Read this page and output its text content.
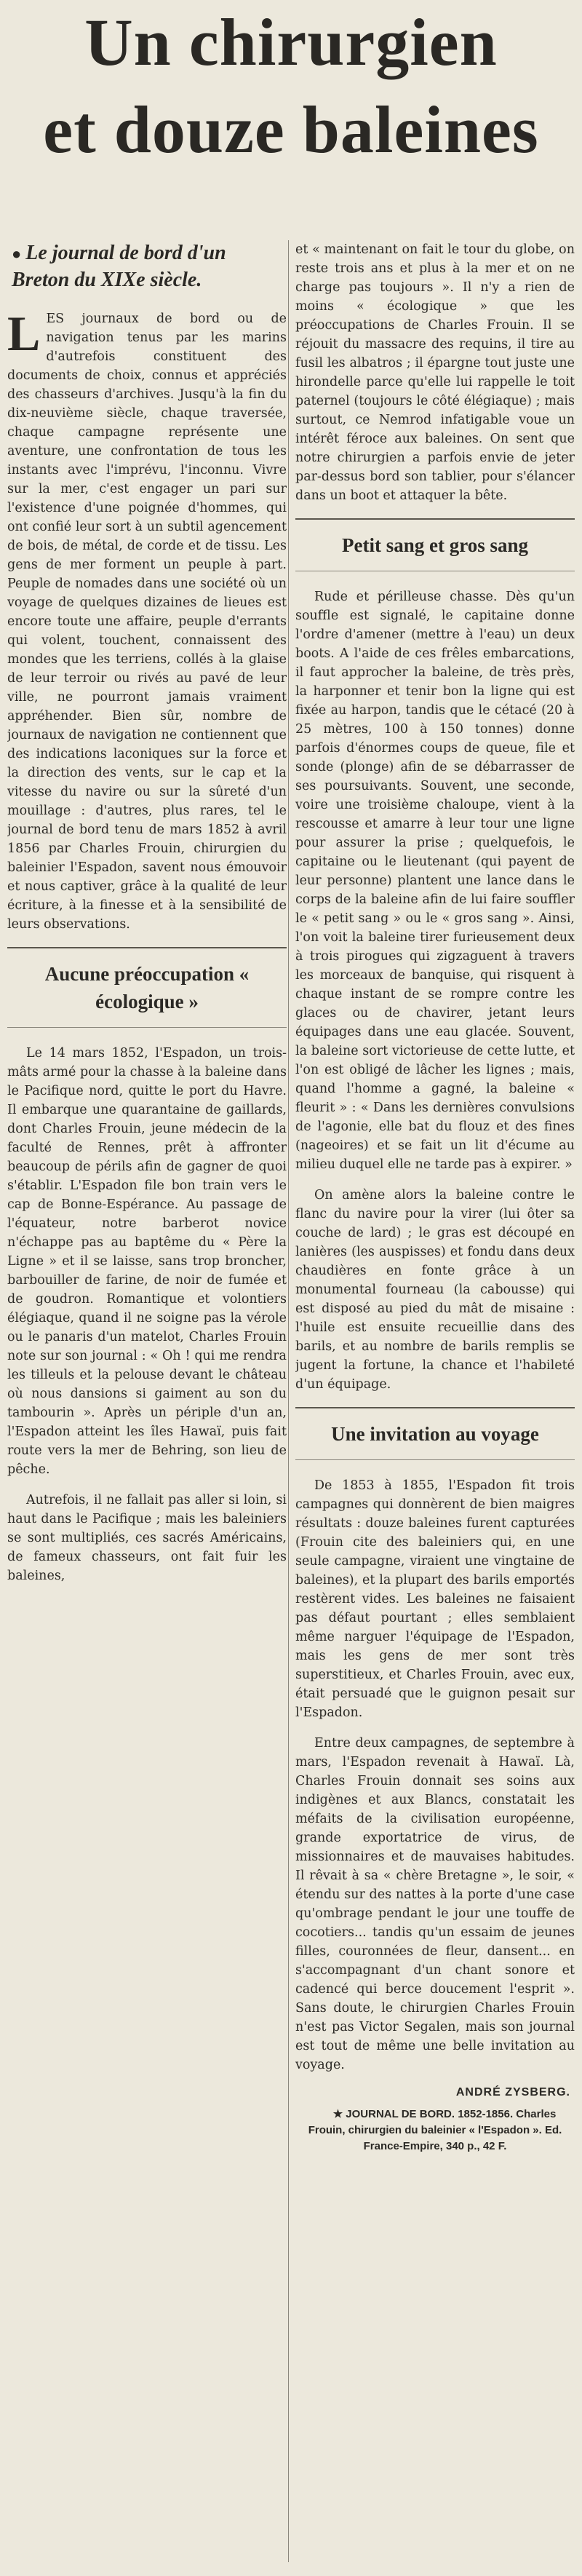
Un chirurgien
et douze baleines
● Le journal de bord d'un Breton du XIXe siècle.

LES journaux de bord ou de navigation tenus par les marins d'autrefois constituent des documents de choix, connus et appréciés des chasseurs d'archives. Jusqu'à la fin du dix-neuvième siècle, chaque traversée, chaque campagne représente une aventure, une confrontation de tous les instants avec l'imprévu, l'inconnu. Vivre sur la mer, c'est engager un pari sur l'existence d'une poignée d'hommes, qui ont confié leur sort à un subtil agencement de bois, de métal, de corde et de tissu. Les gens de mer forment un peuple à part. Peuple de nomades dans une société où un voyage de quelques dizaines de lieues est encore toute une affaire, peuple d'errants qui volent, touchent, connaissent des mondes que les terriens, collés à la glaise de leur terroir ou rivés au pavé de leur ville, ne pourront jamais vraiment appréhender. Bien sûr, nombre de journaux de navigation ne contiennent que des indications laconiques sur la force et la direction des vents, sur le cap et la vitesse du navire ou sur la sûreté d'un mouillage : d'autres, plus rares, tel le journal de bord tenu de mars 1852 à avril 1856 par Charles Frouin, chirurgien du baleinier l'Espadon, savent nous émouvoir et nous captiver, grâce à la qualité de leur écriture, à la finesse et à la sensibilité de leurs observations.

Aucune préoccupation « écologique »

Le 14 mars 1852, l'Espadon, un trois-mâts armé pour la chasse à la baleine dans le Pacifique nord, quitte le port du Havre. Il embarque une quarantaine de gaillards, dont Charles Frouin, jeune médecin de la faculté de Rennes, prêt à affronter beaucoup de périls afin de gagner de quoi s'établir. L'Espadon file bon train vers le cap de Bonne-Espérance. Au passage de l'équateur, notre barberot novice n'échappe pas au baptême du « Père la Ligne » et il se laisse, sans trop broncher, barbouiller de farine, de noir de fumée et de goudron. Romantique et volontiers élégiaque, quand il ne soigne pas la vérole ou le panaris d'un matelot, Charles Frouin note sur son journal : « Oh ! qui me rendra les tilleuls et la pelouse devant le château où nous dansions si gaiment au son du tambourin ». Après un périple d'un an, l'Espadon atteint les îles Hawaï, puis fait route vers la mer de Behring, son lieu de pêche.

Autrefois, il ne fallait pas aller si loin, si haut dans le Pacifique ; mais les baleiniers se sont multipliés, ces sacrés Américains, de fameux chasseurs, ont fait fuir les baleines,

et « maintenant on fait le tour du globe, on reste trois ans et plus à la mer et on ne charge pas toujours ». Il n'y a rien de moins « écologique » que les préoccupations de Charles Frouin. Il se réjouit du massacre des requins, il tire au fusil les albatros ; il épargne tout juste une hirondelle parce qu'elle lui rappelle le toit paternel (toujours le côté élégiaque) ; mais surtout, ce Nemrod infatigable voue un intérêt féroce aux baleines. On sent que notre chirurgien a parfois envie de jeter par-dessus bord son tablier, pour s'élancer dans un boot et attaquer la bête.

Petit sang et gros sang

Rude et périlleuse chasse. Dès qu'un souffle est signalé, le capitaine donne l'ordre d'amener (mettre à l'eau) un deux boots. A l'aide de ces frêles embarcations, il faut approcher la baleine, de très près, la harponner et tenir bon la ligne qui est fixée au harpon, tandis que le cétacé (20 à 25 mètres, 100 à 150 tonnes) donne parfois d'énormes coups de queue, file et sonde (plonge) afin de se débarrasser de ses poursuivants. Souvent, une seconde, voire une troisième chaloupe, vient à la rescousse et amarre à leur tour une ligne pour assurer la prise ; quelquefois, le capitaine ou le lieutenant (qui payent de leur personne) plantent une lance dans le corps de la baleine afin de lui faire souffler le « petit sang » ou le « gros sang ». Ainsi, l'on voit la baleine tirer furieusement deux à trois pirogues qui zigzaguent à travers les morceaux de banquise, qui risquent à chaque instant de se rompre contre les glaces ou de chavirer, jetant leurs équipages dans une eau glacée. Souvent, la baleine sort victorieuse de cette lutte, et l'on est obligé de lâcher les lignes ; mais, quand l'homme a gagné, la baleine « fleurit » : « Dans les dernières convulsions de l'agonie, elle bat du flouz et des fines (nageoires) et se fait un lit d'écume au milieu duquel elle ne tarde pas à expirer. »

On amène alors la baleine contre le flanc du navire pour la virer (lui ôter sa couche de lard) ; le gras est découpé en lanières (les auspisses) et fondu dans deux chaudières en fonte grâce à un monumental fourneau (la cabousse) qui est disposé au pied du mât de misaine : l'huile est ensuite recueillie dans des barils, et au nombre de barils remplis se jugent la fortune, la chance et l'habileté d'un équipage.

Une invitation au voyage

De 1853 à 1855, l'Espadon fit trois campagnes qui donnèrent de bien maigres résultats : douze baleines furent capturées (Frouin cite des baleiniers qui, en une seule campagne, viraient une vingtaine de baleines), et la plupart des barils emportés restèrent vides. Les baleines ne faisaient pas défaut pourtant ; elles semblaient même narguer l'équipage de l'Espadon, mais les gens de mer sont très superstitieux, et Charles Frouin, avec eux, était persuadé que le guignon pesait sur l'Espadon.

Entre deux campagnes, de septembre à mars, l'Espadon revenait à Hawaï. Là, Charles Frouin donnait ses soins aux indigènes et aux Blancs, constatait les méfaits de la civilisation européenne, grande exportatrice de virus, de missionnaires et de mauvaises habitudes. Il rêvait à sa « chère Bretagne », le soir, « étendu sur des nattes à la porte d'une case qu'ombrage pendant le jour une touffe de cocotiers... tandis qu'un essaim de jeunes filles, couronnées de fleur, dansent... en s'accompagnant d'un chant sonore et cadencé qui berce doucement l'esprit ». Sans doute, le chirurgien Charles Frouin n'est pas Victor Segalen, mais son journal est tout de même une belle invitation au voyage.

ANDRÉ ZYSBERG.

★ JOURNAL DE BORD. 1852-1856. Charles Frouin, chirurgien du baleinier « l'Espadon ». Ed. France-Empire, 340 p., 42 F.
